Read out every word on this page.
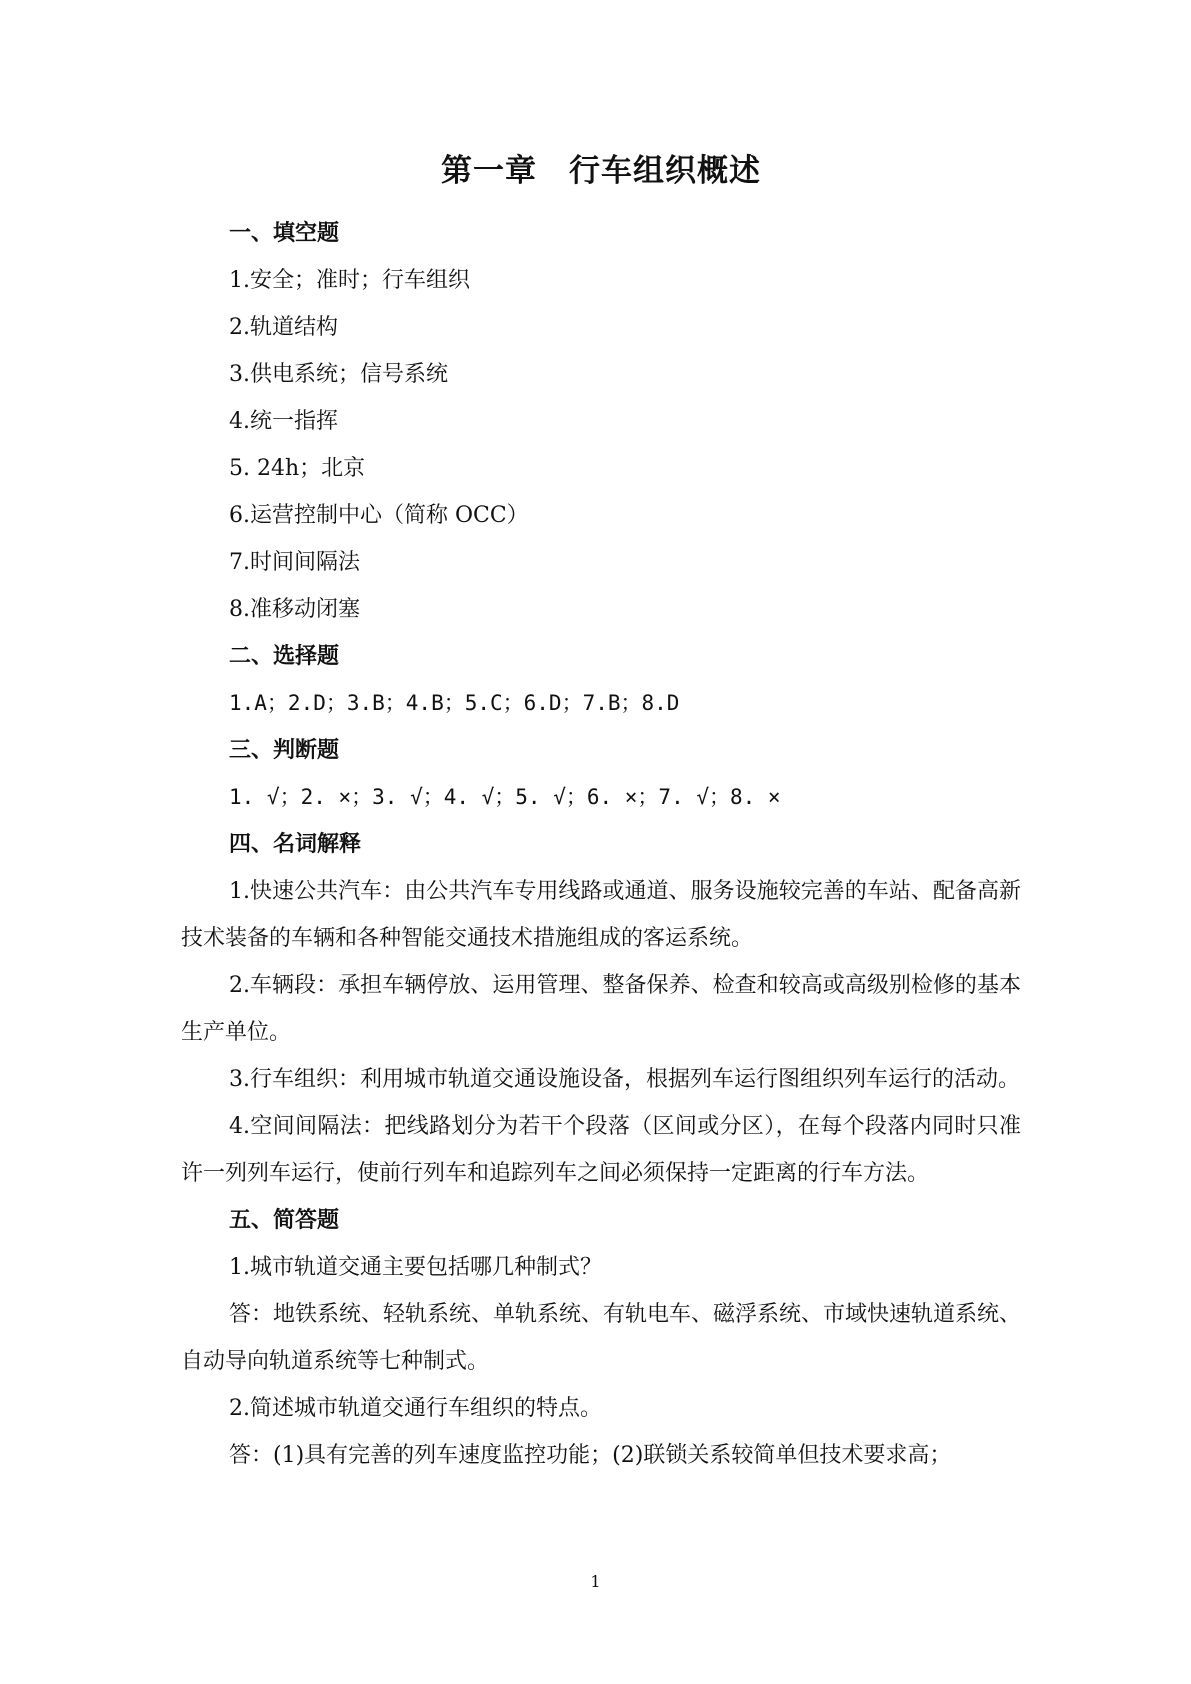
第一章　行车组织概述
一、填空题
1.安全；准时；行车组织
2.轨道结构
3.供电系统；信号系统
4.统一指挥
5. 24h；北京
6.运营控制中心（简称 OCC）
7.时间间隔法
8.准移动闭塞
二、选择题
1.A；2.D；3.B；4.B；5.C；6.D；7.B；8.D
三、判断题
1. √；2. ×；3. √；4. √；5. √；6. ×；7. √；8. ×
四、名词解释

1.快速公共汽车：由公共汽车专用线路或通道、服务设施较完善的车站、配备高新技术装备的车辆和各种智能交通技术措施组成的客运系统。

2.车辆段：承担车辆停放、运用管理、整备保养、检查和较高或高级别检修的基本生产单位。

3.行车组织：利用城市轨道交通设施设备，根据列车运行图组织列车运行的活动。

4.空间间隔法：把线路划分为若干个段落（区间或分区），在每个段落内同时只准许一列列车运行，使前行列车和追踪列车之间必须保持一定距离的行车方法。

五、简答题

1.城市轨道交通主要包括哪几种制式？

答：地铁系统、轻轨系统、单轨系统、有轨电车、磁浮系统、市域快速轨道系统、自动导向轨道系统等七种制式。

2.简述城市轨道交通行车组织的特点。

答：(1)具有完善的列车速度监控功能；(2)联锁关系较简单但技术要求高；

1
